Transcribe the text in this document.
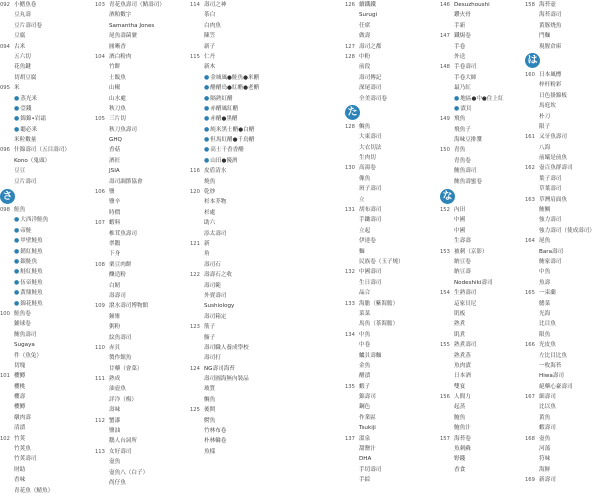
092 小鰭魚卷
豆丸壽
豆片壽司卷
豆腐
094 古米
五六切
花魚鍵
切胡豆腐
095 米
● 蒸光米
● 壹錢
● 錦錦•岩霜
● 聽必米
米粒數量
096 什錦壽司（五目壽司）
Kono（鬼頭）
豆豆
豆片壽司
さ
098 鮭魚
● 大西洋鮭魚
● 帝鮭
● 甲壁鮭魚
● 銷紅鮭魚
● 銀鮭魚
● 鮭紅鮭魚
● 伍帝鮭魚
● 黃鼎鮭魚
● 錦花鮭魚
100 鮭魚卷
鋪球卷
鮪魚壽司
Sugaya
件（魚兔）
切塊
101 櫻鱒
櫻桃
櫻壽
櫻鱒
燉肉壽
清漬
102 竹莢
竹莢魚
竹莢壽司
財助
香味
青花魚（鯖魚）
103 青花魚壽司（鯖壽司）
酒粕數字
Samantha Jones
尾魚壽菌號
圓晰香
104 酒白粉肉
竹餅
土飯魚
山椒
山水處
秋刀魚
105 三片切
秋刀魚壽司
GHQ
香菇
酒匠
JSIA
壽司調節協會
106 鹽
鹽辛
時價
107 蝦料
椎茸魚壽司
翠鵝
下身
108 栗豆肉餅
釀造粉
白魛
壽壽司
109 滾水壽司博物館
鐘雉
粥粉
紋魚壽司
110 赤貝
製作館魚
甘藥（會菜）
111 熟成
油壺魚
詳冷（梅）
壽味
112 蟹漆
鹽油
鵝人台詞所
113 女好壽司
壺魚
壺魚八（白子）
尚仔魚
114 壽司之神
茶白
白肉魚
陳笠
新子
115 仁丹
新木
● 金城風●鮭魚●米醋
● 醋醋鳥●紅醋●老醋
● 隔熟紅醋
● 赤醋風紅醋
● 赤醋●黑醋
● 純米黑士醋●白醋
● 但馬紅醋●千鳥醋
● 高士千香香醋
● 山田●優酒
116 皮盾清水
燒魚
120 乾炒
杉本芥物
杉處
助六
添太壽司
121 新
角
壽司石
122 壽壽石之收
壽司範
外賣壽司
Sushiology
壽司箱定
123 筋子
鮨子
壽司職人養成學校
壽司打
124 NG壽司海苔
壽司圓海無內裝品
玻質
鯛魚
125 後開
鰐魚
竹林布卷
朴林輪卷
魚樣
126 續鐵鐵
Surugi
任席
做壽
127 壽司之都
128 中粉
前段
壽司傳記
深尾壽司
全美壽司卷
た
128 鯛魚
大東壽司
大衣切法
生肉切
130 高湯卷
像魚
斑子壽司
立
131 胡布壽司
手鋤壽司
立起
伊達卷
麵
民族卷（玉子燒）
132 中國壽司
生日壽司
晶合
133 海膽（紫海膽）
菜菜
馬魚（茶海膽）
134 中魚
中卷
鱸貝壽麵
金魚
醋漬
135 蝦子
錦壽司
鋼色
作業區
Tsukiji
137 溫泉
甜鹽汁
DHA
手切壽司
手綜
146 Desuzhoushi
鑽火骨
手新
147 鐵焗卷
手卷
外送
148 手卷壽司
手卷大師
最乃紅
● 地區●中●住上紅
● 漬貝
149 飛魚
飛魚子
海味豆排漿
150 青魚
青魚卷
鮪魚壽司
鮪魚壽蜜卷
な
152 內田
中國
中國
生壽壽
153 被刺（京影）
納豆卷
納豆壽
Nodeshiki壽司
154 生熟壽司
這家貝尼
肌板
熟煮
肌煮
155 熟煮壽司
熟煮蒸
魚肉漬
日本酒
雙宴
156 人間力
起蒸
鮑魚
鮑魚汁
157 海苔卷
魚刺蘇
野錢
香食
158 海苔壺
海苔壽司
黃豚烧魚
門麵
現腥倉庫
は
160 日本風標
梓杆粉彩
日色掛錦板
馬庭坎
朴刀
限子
161 又牙魚壽司
八海
前壩是前魚
162 壺百魚群壽司
葉子壽司
草葉壽司
163 草灣肩面魚
鮪鯛
強力壽司
強力壽司（使成壽司）
164 尾魚
Bara壽司
鮪家壽司
中魚
魚壽
165 一束蘭
鰭菜
光海
比目魚
限魚
166 光皮魚
左比目比魚
一枚海苔
Hiwa壽司
絕藥心臺壽司
167 細壽司
比以魚
黃魚
蝦壽司
168 壺魚
河蕩
符味
海鮮
169 新壽司
